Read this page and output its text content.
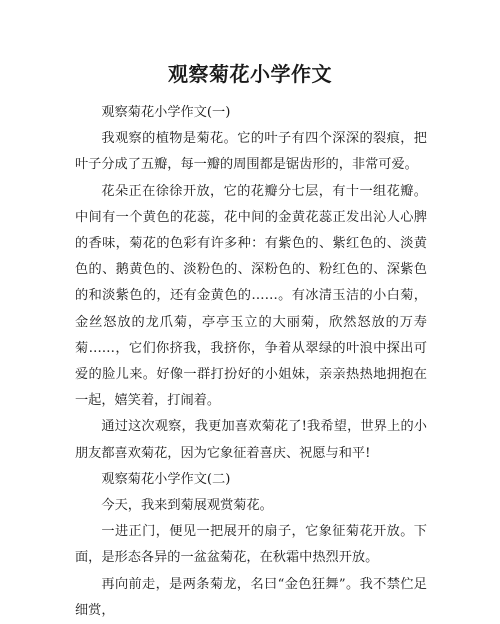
观察菊花小学作文

观察菊花小学作文(一)

我观察的植物是菊花。它的叶子有四个深深的裂痕，把叶子分成了五瓣，每一瓣的周围都是锯齿形的，非常可爱。

花朵正在徐徐开放，它的花瓣分七层，有十一组花瓣。中间有一个黄色的花蕊，花中间的金黄花蕊正发出沁人心脾的香味，菊花的色彩有许多种：有紫色的、紫红色的、淡黄色的、鹅黄色的、淡粉色的、深粉色的、粉红色的、深紫色的和淡紫色的，还有金黄色的……。有冰清玉洁的小白菊，金丝怒放的龙爪菊，亭亭玉立的大丽菊，欣然怒放的万寿菊……，它们你挤我，我挤你，争着从翠绿的叶浪中探出可爱的脸儿来。好像一群打扮好的小姐妹，亲亲热热地拥抱在一起，嬉笑着，打闹着。

通过这次观察，我更加喜欢菊花了!我希望，世界上的小朋友都喜欢菊花，因为它象征着喜庆、祝愿与和平!

观察菊花小学作文(二)

今天，我来到菊展观赏菊花。

一进正门，便见一把展开的扇子，它象征菊花开放。下面，是形态各异的一盆盆菊花，在秋霜中热烈开放。

再向前走，是两条菊龙，名曰“金色狂舞”。我不禁伫足细赏，
